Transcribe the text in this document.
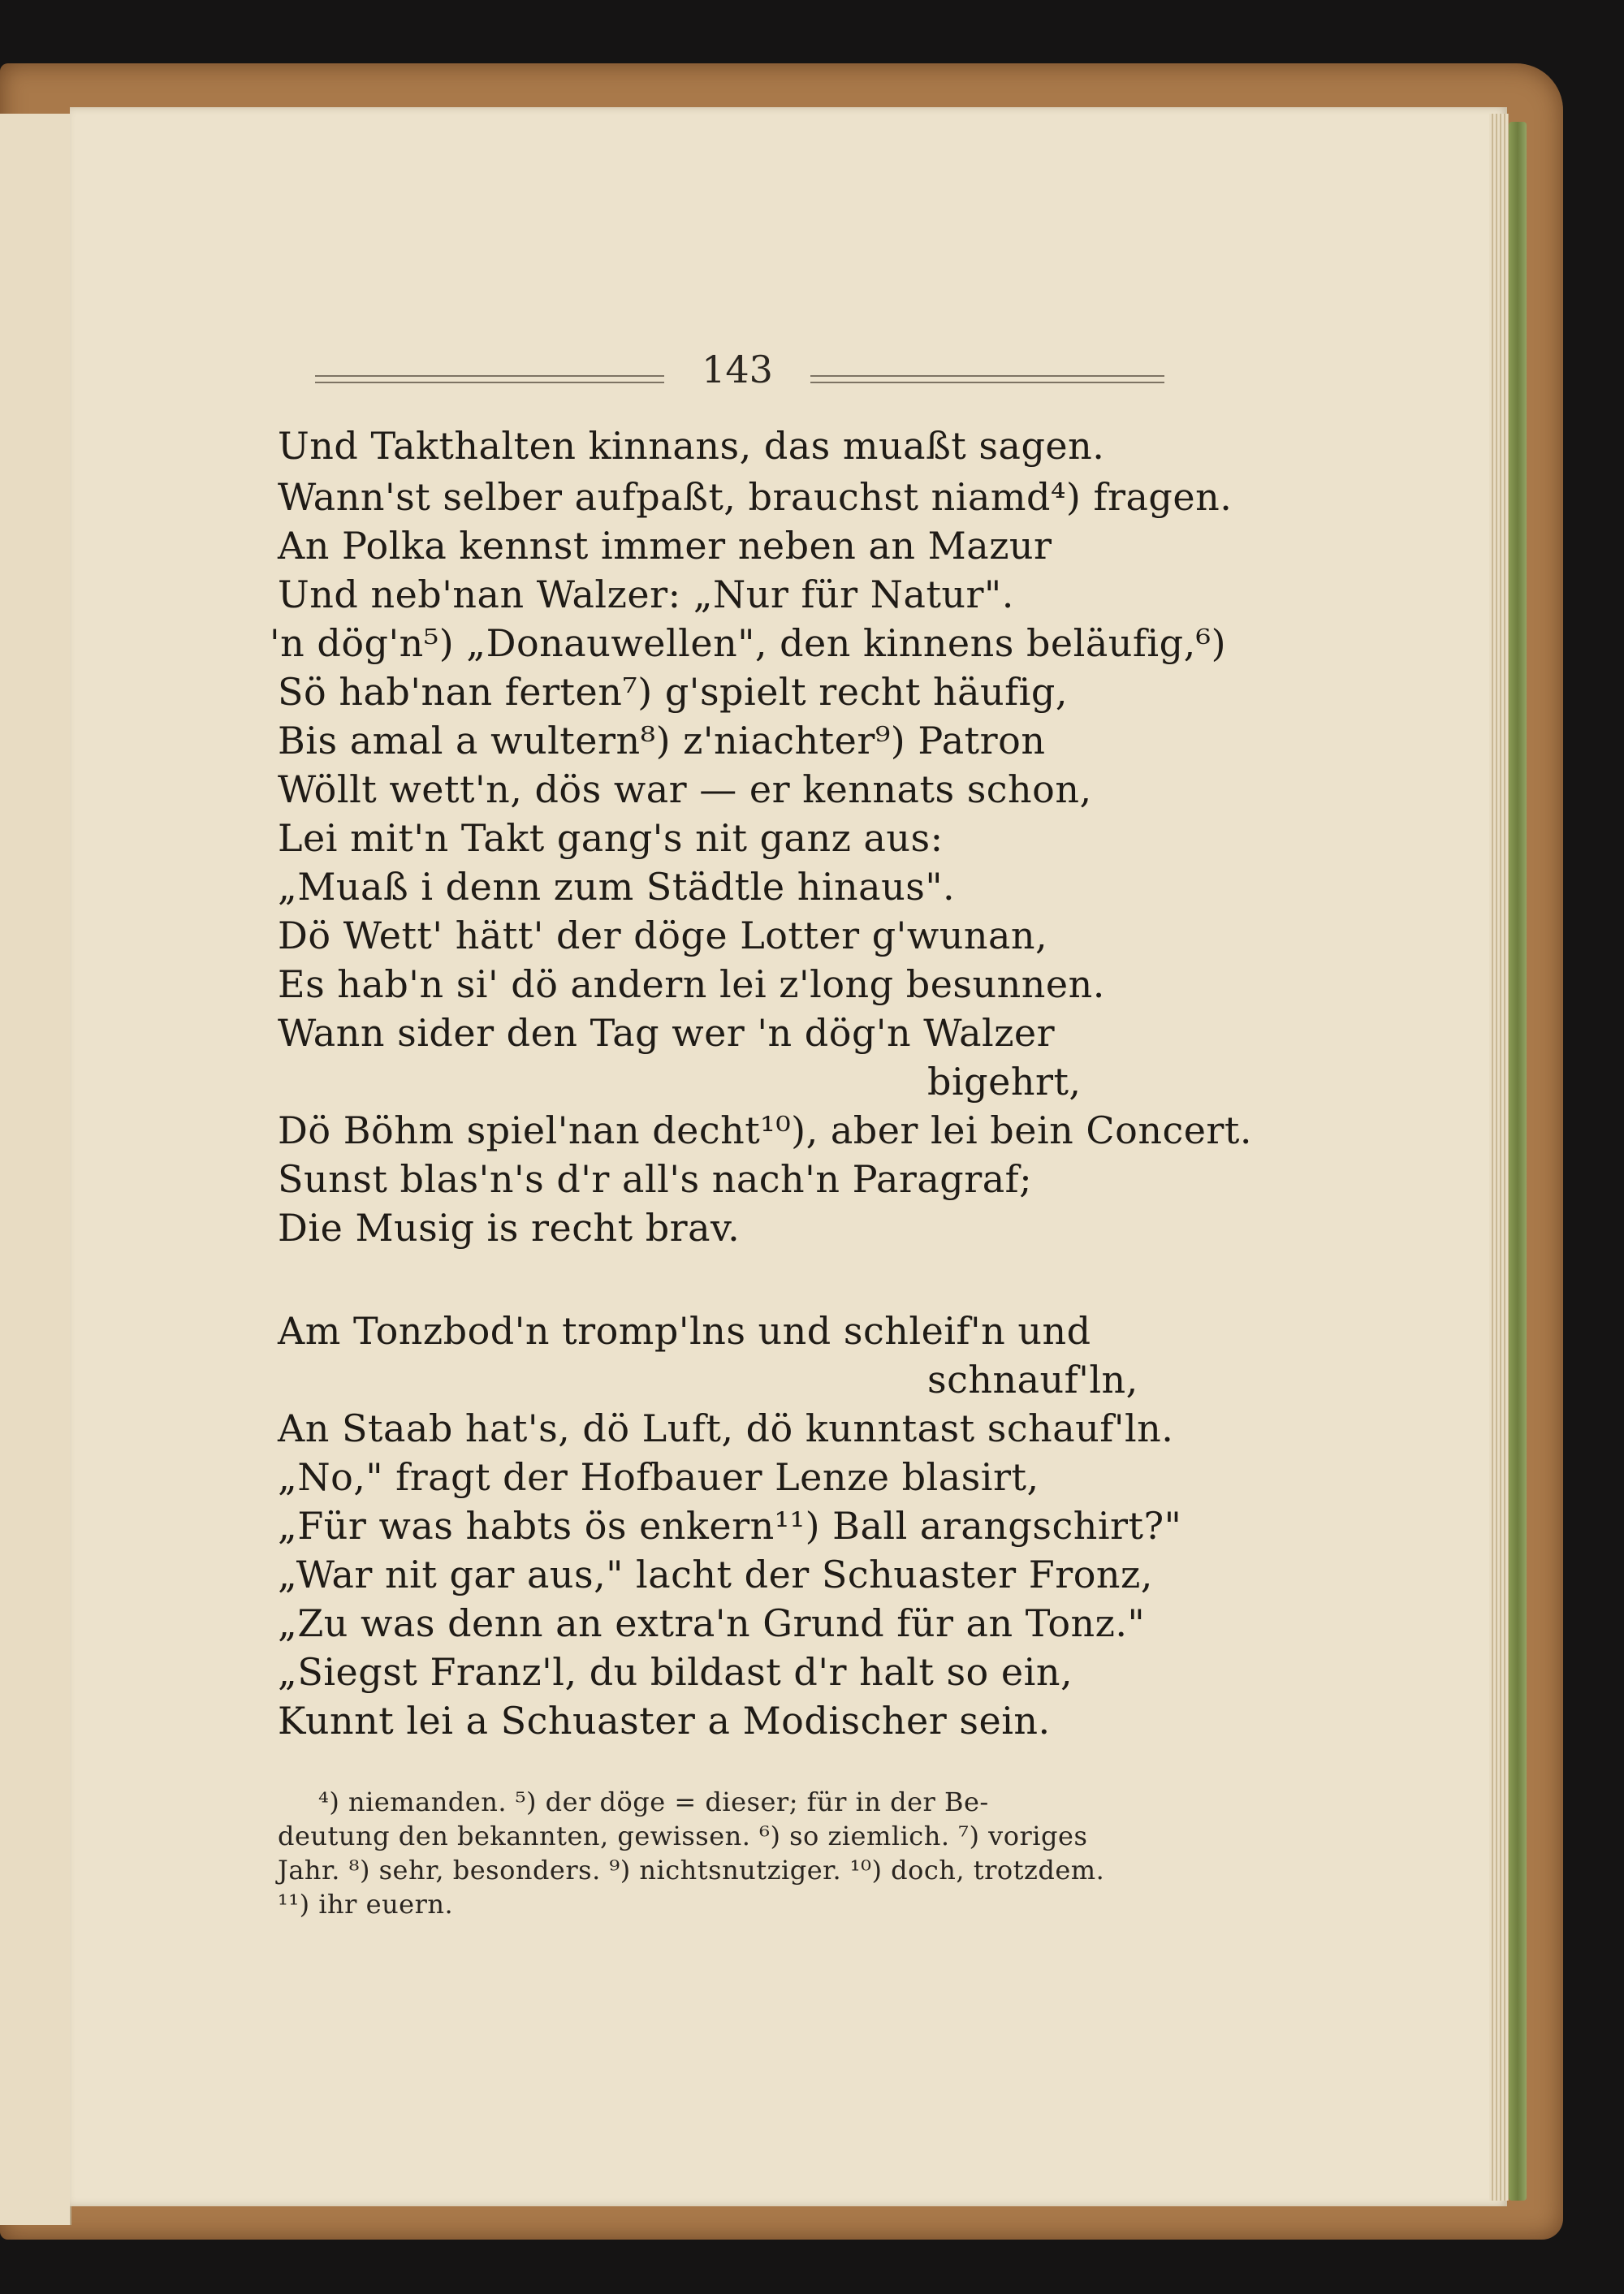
143
Und Takthalten kinnans, das muaßt sagen.
Wann'st selber aufpaßt, brauchst niamd⁴) fragen.
An Polka kennst immer neben an Mazur
Und neb'nan Walzer: „Nur für Natur".
'n dög'n⁵) „Donauwellen", den kinnens beläufig,⁶)
Sö hab'nan ferten⁷) g'spielt recht häufig,
Bis amal a wultern⁸) z'niachter⁹) Patron
Wöllt wett'n, dös war — er kennats schon,
Lei mit'n Takt gang's nit ganz aus:
„Muaß i denn zum Städtle hinaus".
Dö Wett' hätt' der döge Lotter g'wunan,
Es hab'n si' dö andern lei z'long besunnen.
Wann sider den Tag wer 'n dög'n Walzer
bigehrt,
Dö Böhm spiel'nan decht¹⁰), aber lei bein Concert.
Sunst blas'n's d'r all's nach'n Paragraf;
Die Musig is recht brav.
Am Tonzbod'n tromp'lns und schleif'n und
schnauf'ln,
An Staab hat's, dö Luft, dö kunntast schauf'ln.
„No," fragt der Hofbauer Lenze blasirt,
„Für was habts ös enkern¹¹) Ball arangschirt?"
„War nit gar aus," lacht der Schuaster Fronz,
„Zu was denn an extra'n Grund für an Tonz."
„Siegst Franz'l, du bildast d'r halt so ein,
Kunnt lei a Schuaster a Modischer sein.
⁴) niemanden. ⁵) der döge = dieser; für in der Be-
deutung den bekannten, gewissen. ⁶) so ziemlich. ⁷) voriges
Jahr. ⁸) sehr, besonders. ⁹) nichtsnutziger. ¹⁰) doch, trotzdem.
¹¹) ihr euern.
